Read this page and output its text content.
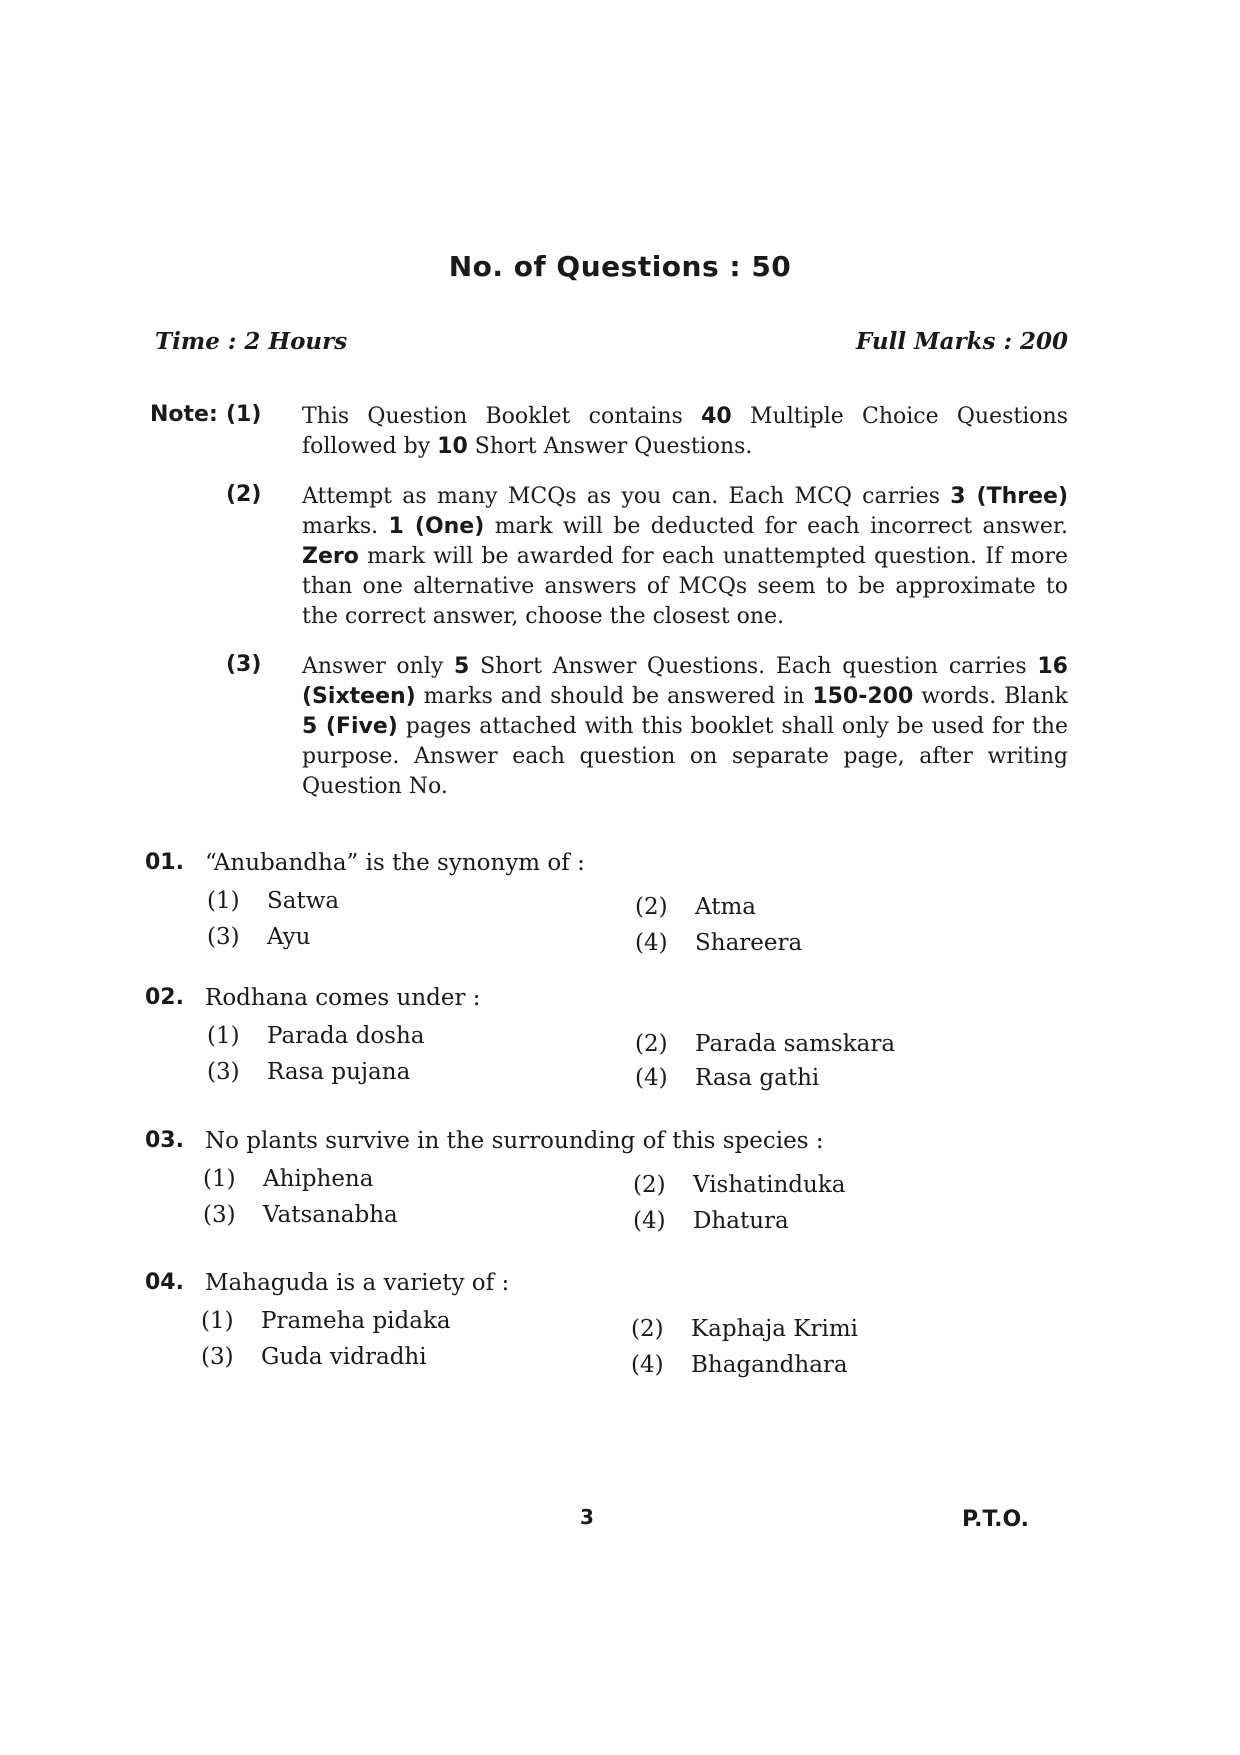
No. of Questions : 50
Time : 2 Hours	Full Marks : 200
Note: (1) This Question Booklet contains 40 Multiple Choice Questions followed by 10 Short Answer Questions.
(2) Attempt as many MCQs as you can. Each MCQ carries 3 (Three) marks. 1 (One) mark will be deducted for each incorrect answer. Zero mark will be awarded for each unattempted question. If more than one alternative answers of MCQs seem to be approximate to the correct answer, choose the closest one.
(3) Answer only 5 Short Answer Questions. Each question carries 16 (Sixteen) marks and should be answered in 150-200 words. Blank 5 (Five) pages attached with this booklet shall only be used for the purpose. Answer each question on separate page, after writing Question No.
01. “Anubandha” is the synonym of :
(1) Satwa	(2) Atma
(3) Ayu	(4) Shareera
02. Rodhana comes under :
(1) Parada dosha	(2) Parada samskara
(3) Rasa pujana	(4) Rasa gathi
03. No plants survive in the surrounding of this species :
(1) Ahiphena	(2) Vishatinduka
(3) Vatsanabha	(4) Dhatura
04. Mahaguda is a variety of :
(1) Prameha pidaka	(2) Kaphaja Krimi
(3) Guda vidradhi	(4) Bhagandhara
3	P.T.O.
